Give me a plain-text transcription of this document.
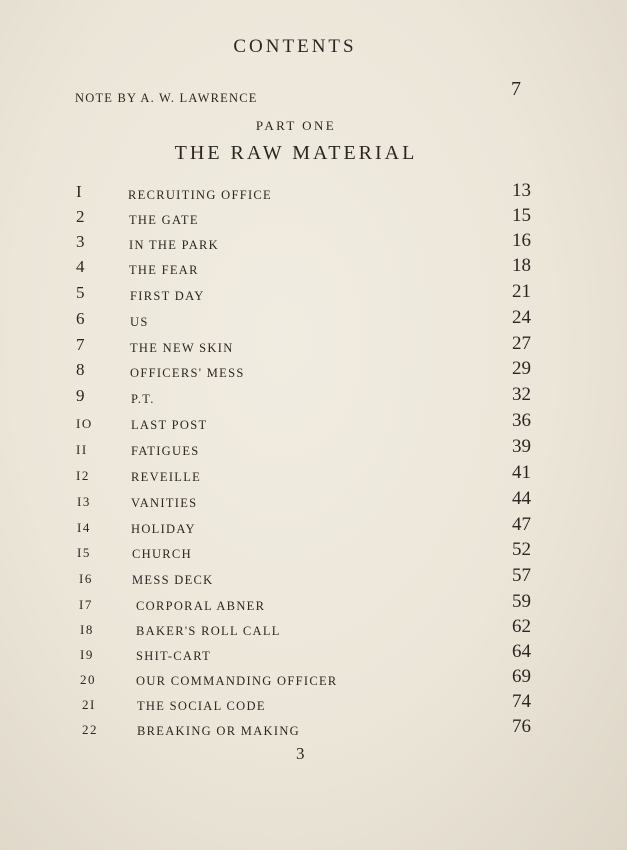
CONTENTS
NOTE BY A. W. LAWRENCE	7
PART ONE
THE RAW MATERIAL
I	RECRUITING OFFICE	13
2	THE GATE	15
3	IN THE PARK	16
4	THE FEAR	18
5	FIRST DAY	21
6	US	24
7	THE NEW SKIN	27
8	OFFICERS' MESS	29
9	P.T.	32
IO	LAST POST	36
II	FATIGUES	39
I2	REVEILLE	41
I3	VANITIES	44
I4	HOLIDAY	47
I5	CHURCH	52
I6	MESS DECK	57
I7	CORPORAL ABNER	59
I8	BAKER'S ROLL CALL	62
I9	SHIT-CART	64
20	OUR COMMANDING OFFICER	69
2I	THE SOCIAL CODE	74
22	BREAKING OR MAKING	76
3
